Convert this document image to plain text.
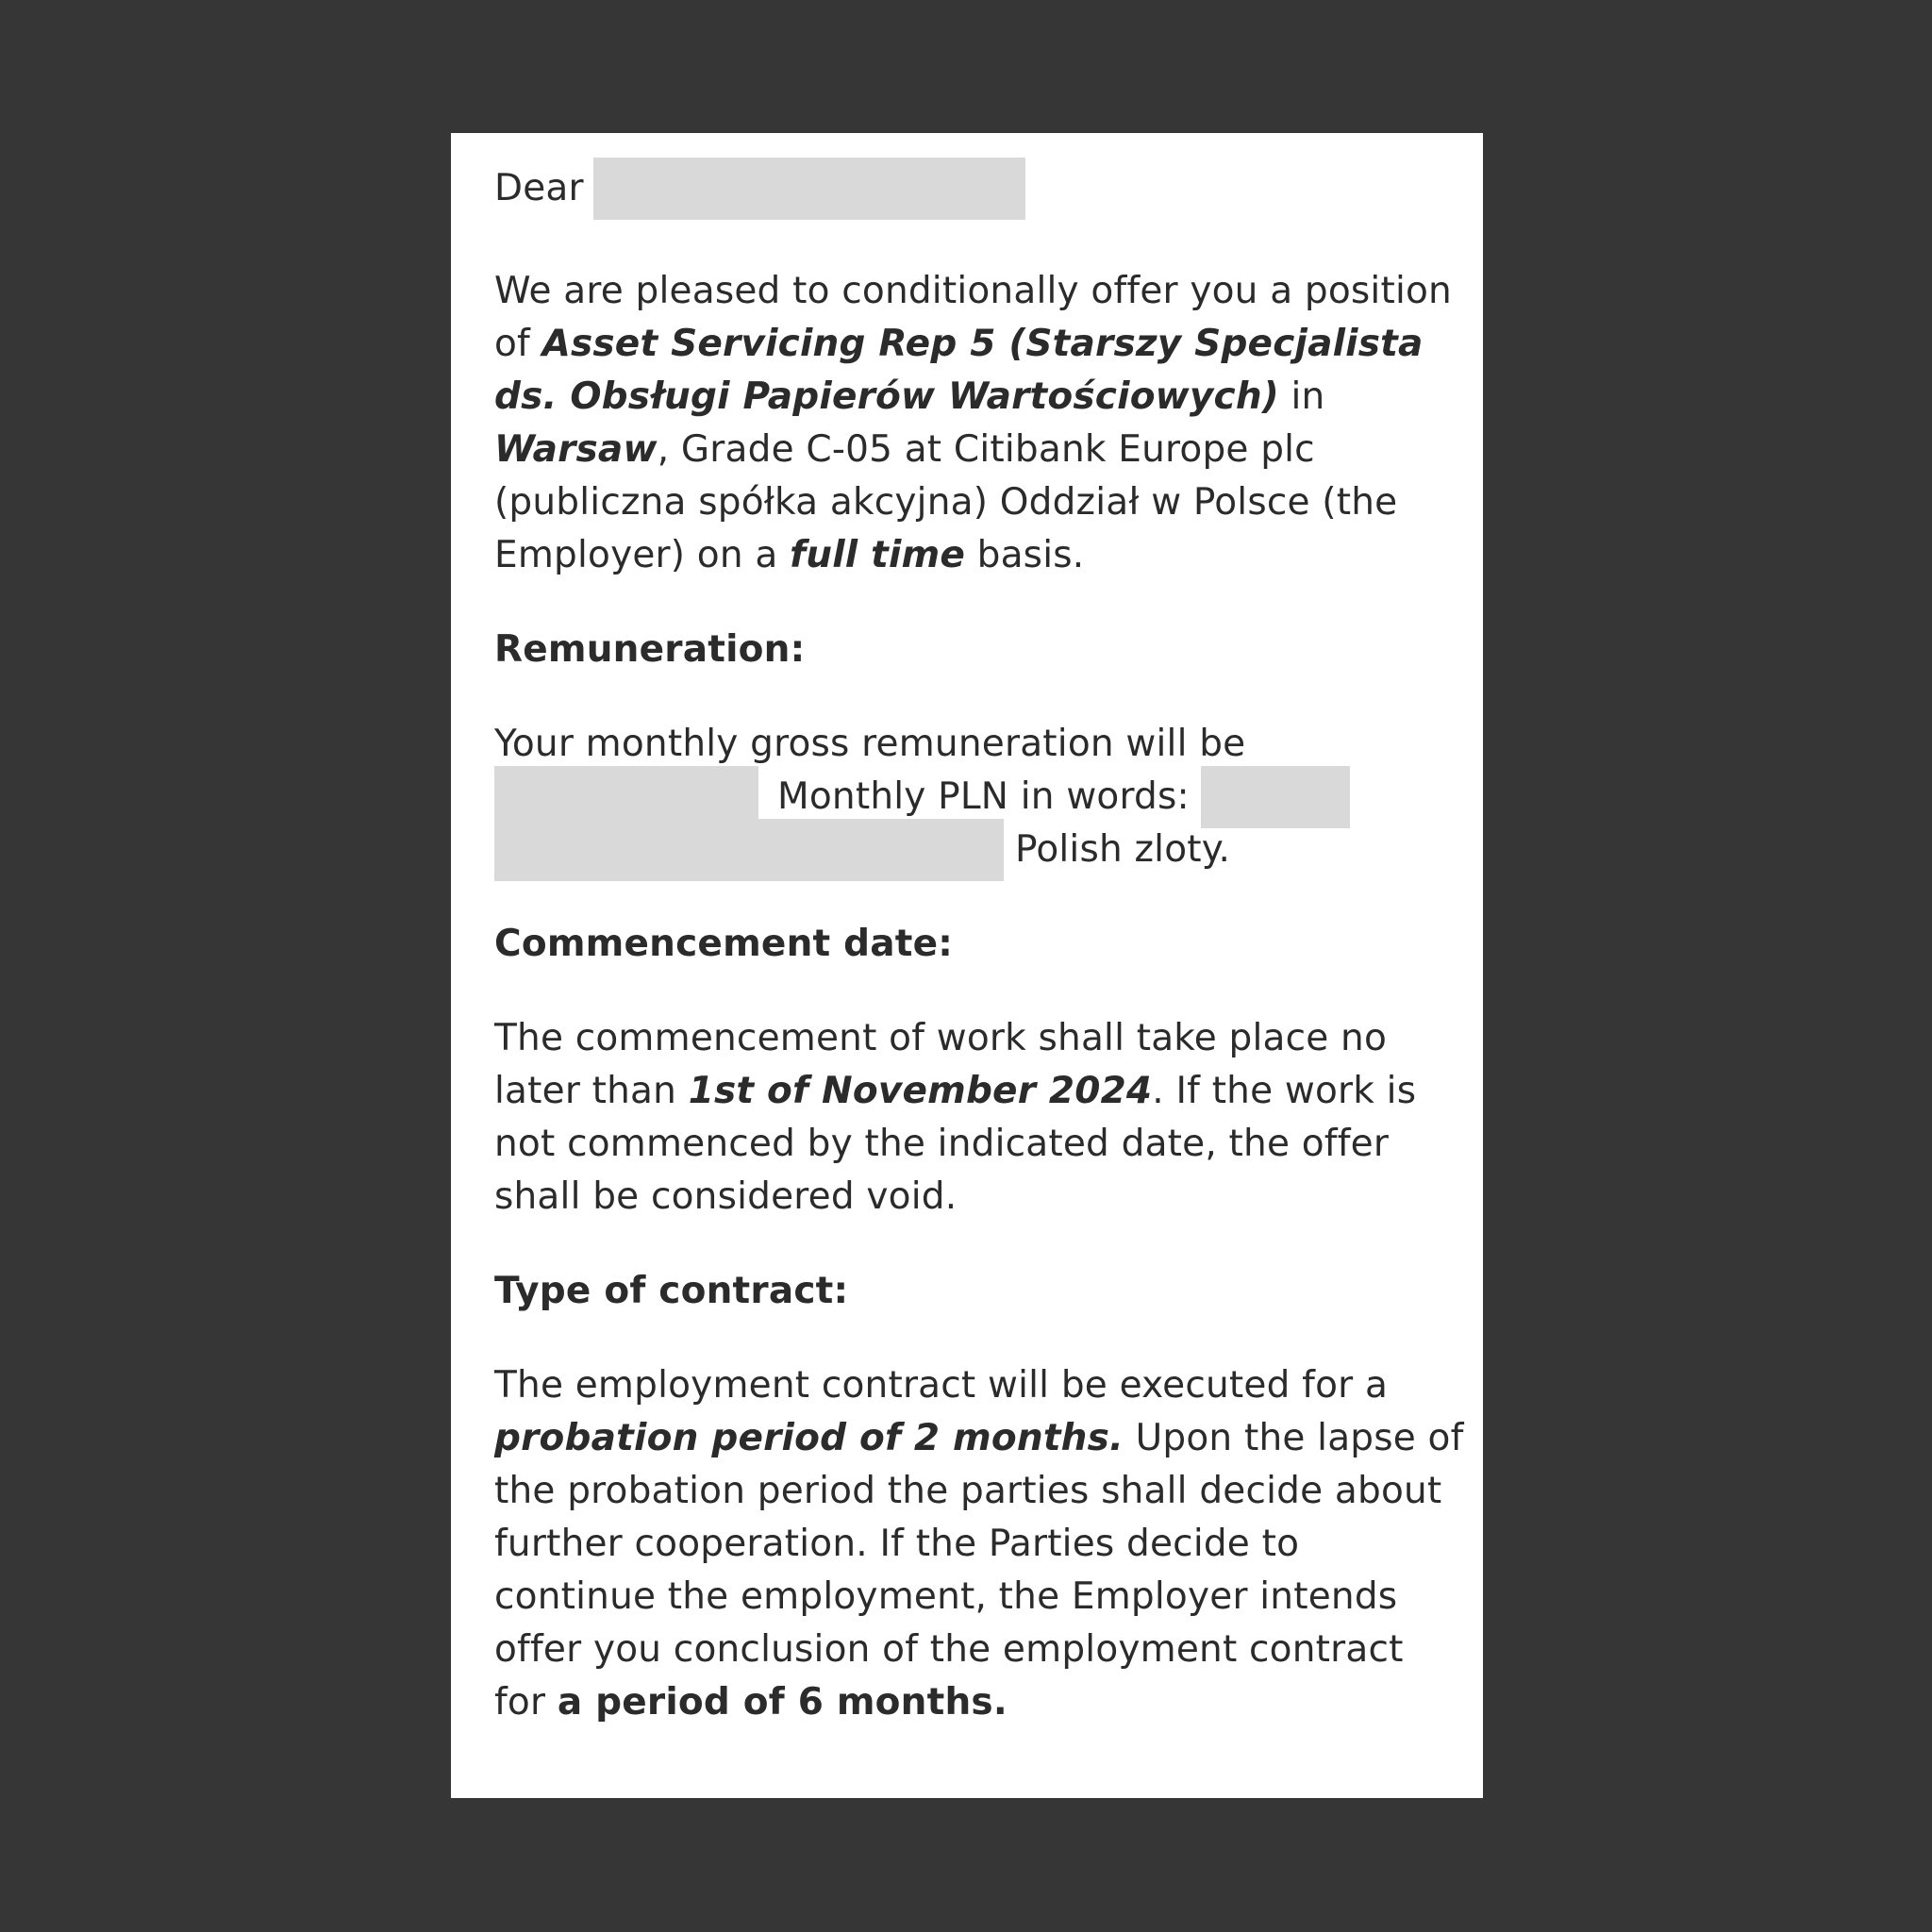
Dear

We are pleased to conditionally offer you a position of Asset Servicing Rep 5 (Starszy Specjalista ds. Obsługi Papierów Wartościowych) in Warsaw, Grade C-05 at Citibank Europe plc (publiczna spółka akcyjna) Oddział w Polsce (the Employer) on a full time basis.

Remuneration:

Your monthly gross remuneration will be
Monthly PLN in words:
Polish zloty.

Commencement date:

The commencement of work shall take place no later than 1st of November 2024. If the work is not commenced by the indicated date, the offer shall be considered void.

Type of contract:

The employment contract will be executed for a probation period of 2 months. Upon the lapse of the probation period the parties shall decide about further cooperation. If the Parties decide to continue the employment, the Employer intends offer you conclusion of the employment contract for a period of 6 months.
